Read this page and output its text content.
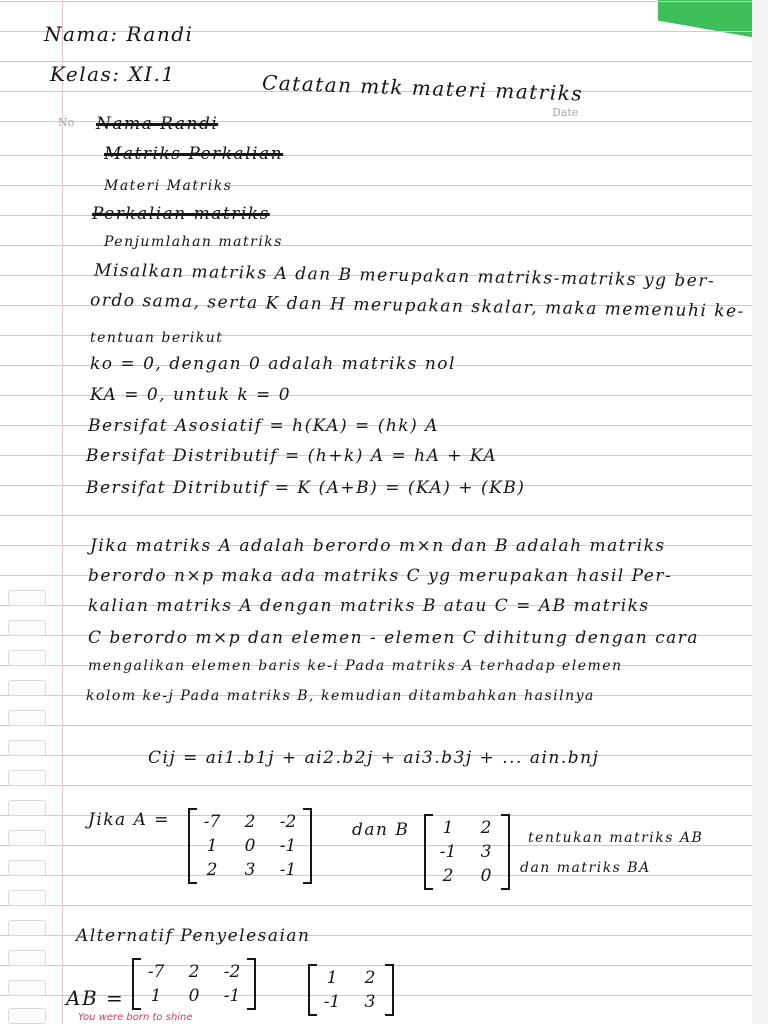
No
Date
Nama: Randi
Kelas: XI.1	Catatan mtk materi matriks
Nama Randi
Matriks Perkalian
Materi Matriks
Perkalian matriks
Penjumlahan matriks
Misalkan matriks A dan B merupakan matriks-matriks yg ber-
ordo sama, serta K dan H merupakan skalar, maka memenuhi ke-
tentuan berikut
ko = 0, dengan 0 adalah matriks nol
KA = 0, untuk k = 0
Bersifat Asosiatif = h(KA) = (hk) A
Bersifat Distributif = (h+k) A = hA + KA
Bersifat Ditributif = K (A+B) = (KA) + (KB)
Jika matriks A adalah berordo m×n dan B adalah matriks
berordo n×p maka ada matriks C yg merupakan hasil Per-
kalian matriks A dengan matriks B atau C = AB matriks
C berordo m×p dan elemen - elemen C dihitung dengan cara
mengalikan elemen baris ke-i Pada matriks A terhadap elemen
kolom ke-j Pada matriks B, kemudian ditambahkan hasilnya
Cij = ai1.b1j + ai2.b2j + ai3.b3j + ... ain.bnj
Jika A = -7 2 -2
1 0 -1
2 3 -1
dan B 1 2
-1 3
2 0
tentukan matriks AB
dan matriks BA
Alternatif Penyelesaian
AB =
-7 2 -2
1 0 -1
1 2
-1 3
You were born to shine
